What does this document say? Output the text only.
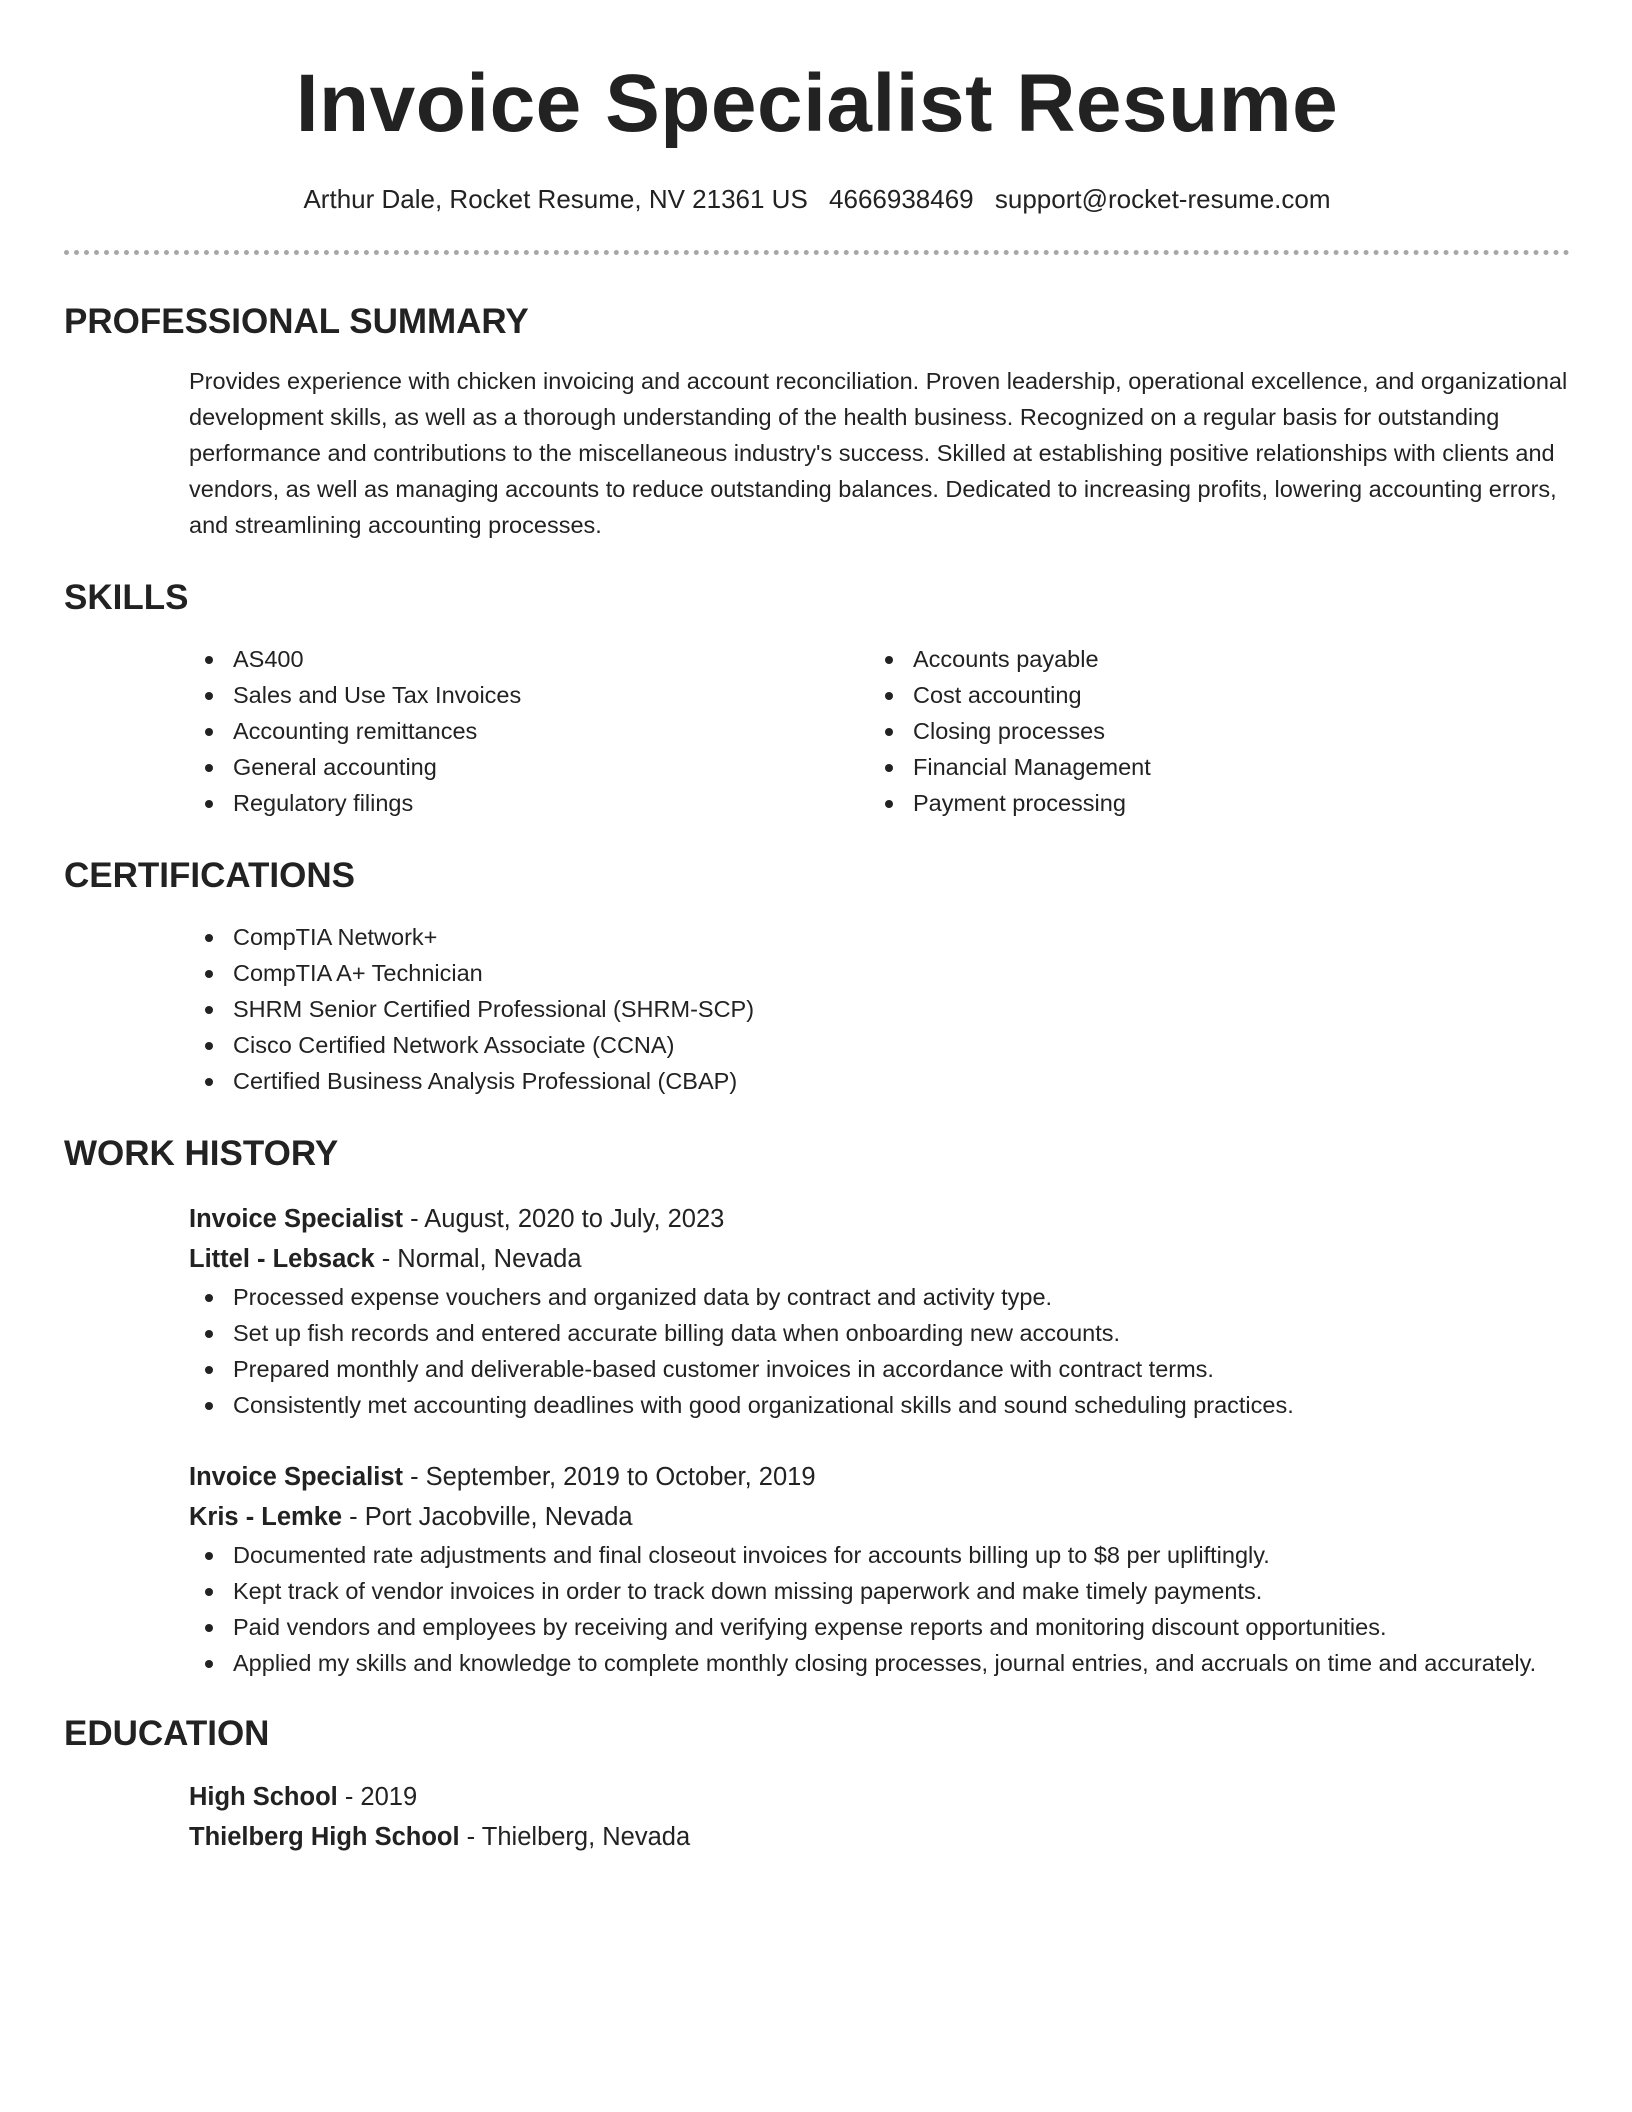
Invoice Specialist Resume
Arthur Dale, Rocket Resume, NV 21361 US 4666938469 support@rocket-resume.com
PROFESSIONAL SUMMARY
Provides experience with chicken invoicing and account reconciliation. Proven leadership, operational excellence, and organizational development skills, as well as a thorough understanding of the health business. Recognized on a regular basis for outstanding performance and contributions to the miscellaneous industry's success. Skilled at establishing positive relationships with clients and vendors, as well as managing accounts to reduce outstanding balances. Dedicated to increasing profits, lowering accounting errors, and streamlining accounting processes.
SKILLS
AS400
Sales and Use Tax Invoices
Accounting remittances
General accounting
Regulatory filings
Accounts payable
Cost accounting
Closing processes
Financial Management
Payment processing
CERTIFICATIONS
CompTIA Network+
CompTIA A+ Technician
SHRM Senior Certified Professional (SHRM-SCP)
Cisco Certified Network Associate (CCNA)
Certified Business Analysis Professional (CBAP)
WORK HISTORY
Invoice Specialist - August, 2020 to July, 2023
Littel - Lebsack - Normal, Nevada
Processed expense vouchers and organized data by contract and activity type.
Set up fish records and entered accurate billing data when onboarding new accounts.
Prepared monthly and deliverable-based customer invoices in accordance with contract terms.
Consistently met accounting deadlines with good organizational skills and sound scheduling practices.
Invoice Specialist - September, 2019 to October, 2019
Kris - Lemke - Port Jacobville, Nevada
Documented rate adjustments and final closeout invoices for accounts billing up to $8 per upliftingly.
Kept track of vendor invoices in order to track down missing paperwork and make timely payments.
Paid vendors and employees by receiving and verifying expense reports and monitoring discount opportunities.
Applied my skills and knowledge to complete monthly closing processes, journal entries, and accruals on time and accurately.
EDUCATION
High School - 2019
Thielberg High School - Thielberg, Nevada
